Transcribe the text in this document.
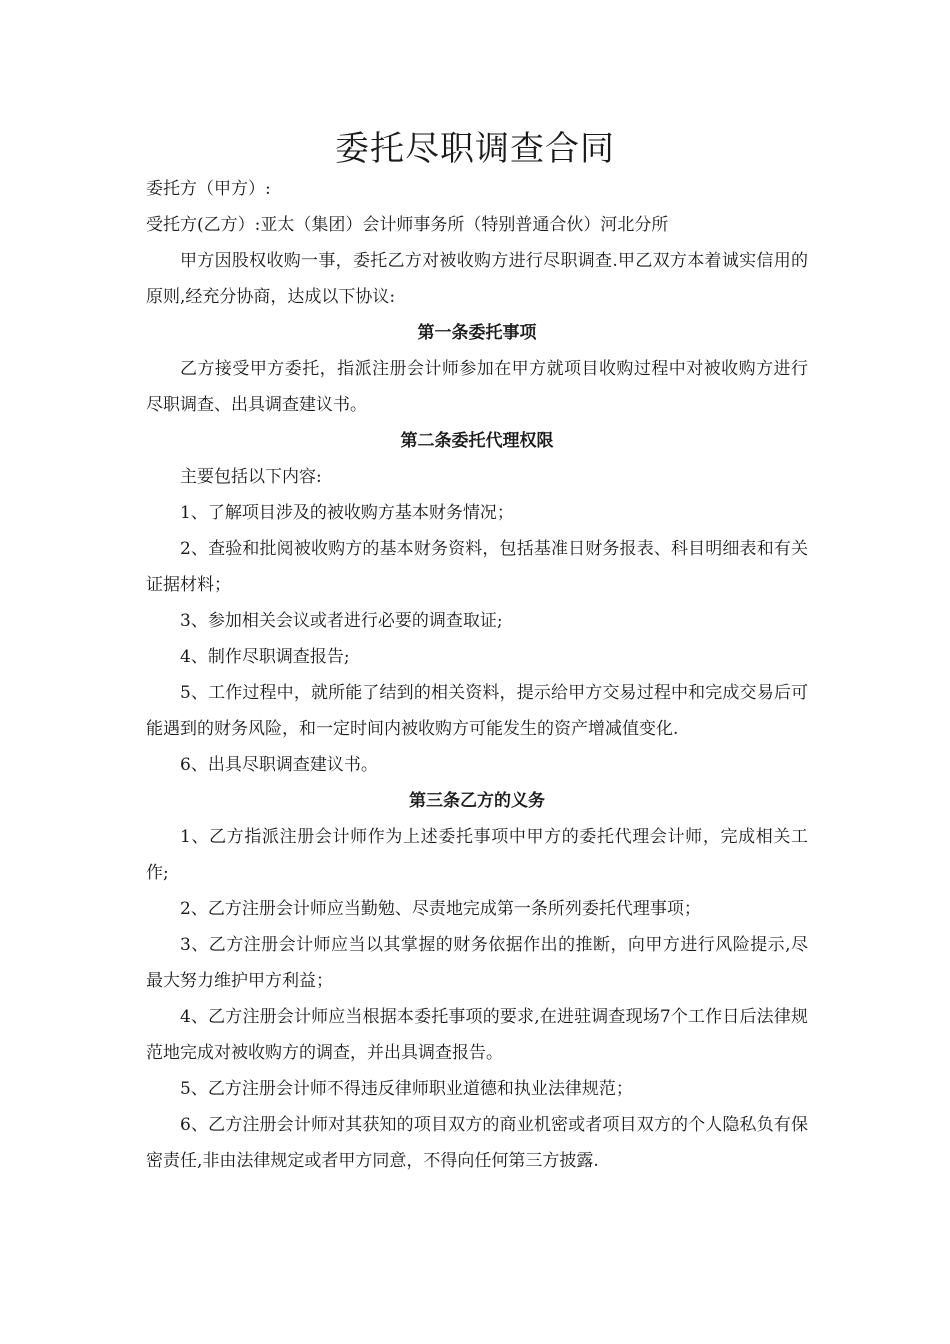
委托尽职调查合同

委托方（甲方）:

受托方(乙方）:亚太（集团）会计师事务所（特别普通合伙）河北分所

甲方因股权收购一事，委托乙方对被收购方进行尽职调查.甲乙双方本着诚实信用的原则,经充分协商，达成以下协议:

第一条委托事项

乙方接受甲方委托，指派注册会计师参加在甲方就项目收购过程中对被收购方进行尽职调查、出具调查建议书。

第二条委托代理权限

主要包括以下内容:

1、了解项目涉及的被收购方基本财务情况；

2、查验和批阅被收购方的基本财务资料，包括基准日财务报表、科目明细表和有关证据材料；

3、参加相关会议或者进行必要的调查取证;

4、制作尽职调查报告;

5、工作过程中，就所能了结到的相关资料，提示给甲方交易过程中和完成交易后可能遇到的财务风险，和一定时间内被收购方可能发生的资产增减值变化.

6、出具尽职调查建议书。

第三条乙方的义务

1、乙方指派注册会计师作为上述委托事项中甲方的委托代理会计师，完成相关工作;

2、乙方注册会计师应当勤勉、尽责地完成第一条所列委托代理事项；

3、乙方注册会计师应当以其掌握的财务依据作出的推断，向甲方进行风险提示,尽最大努力维护甲方利益；

4、乙方注册会计师应当根据本委托事项的要求,在进驻调查现场7个工作日后法律规范地完成对被收购方的调查，并出具调查报告。

5、乙方注册会计师不得违反律师职业道德和执业法律规范；

6、乙方注册会计师对其获知的项目双方的商业机密或者项目双方的个人隐私负有保密责任,非由法律规定或者甲方同意，不得向任何第三方披露.
